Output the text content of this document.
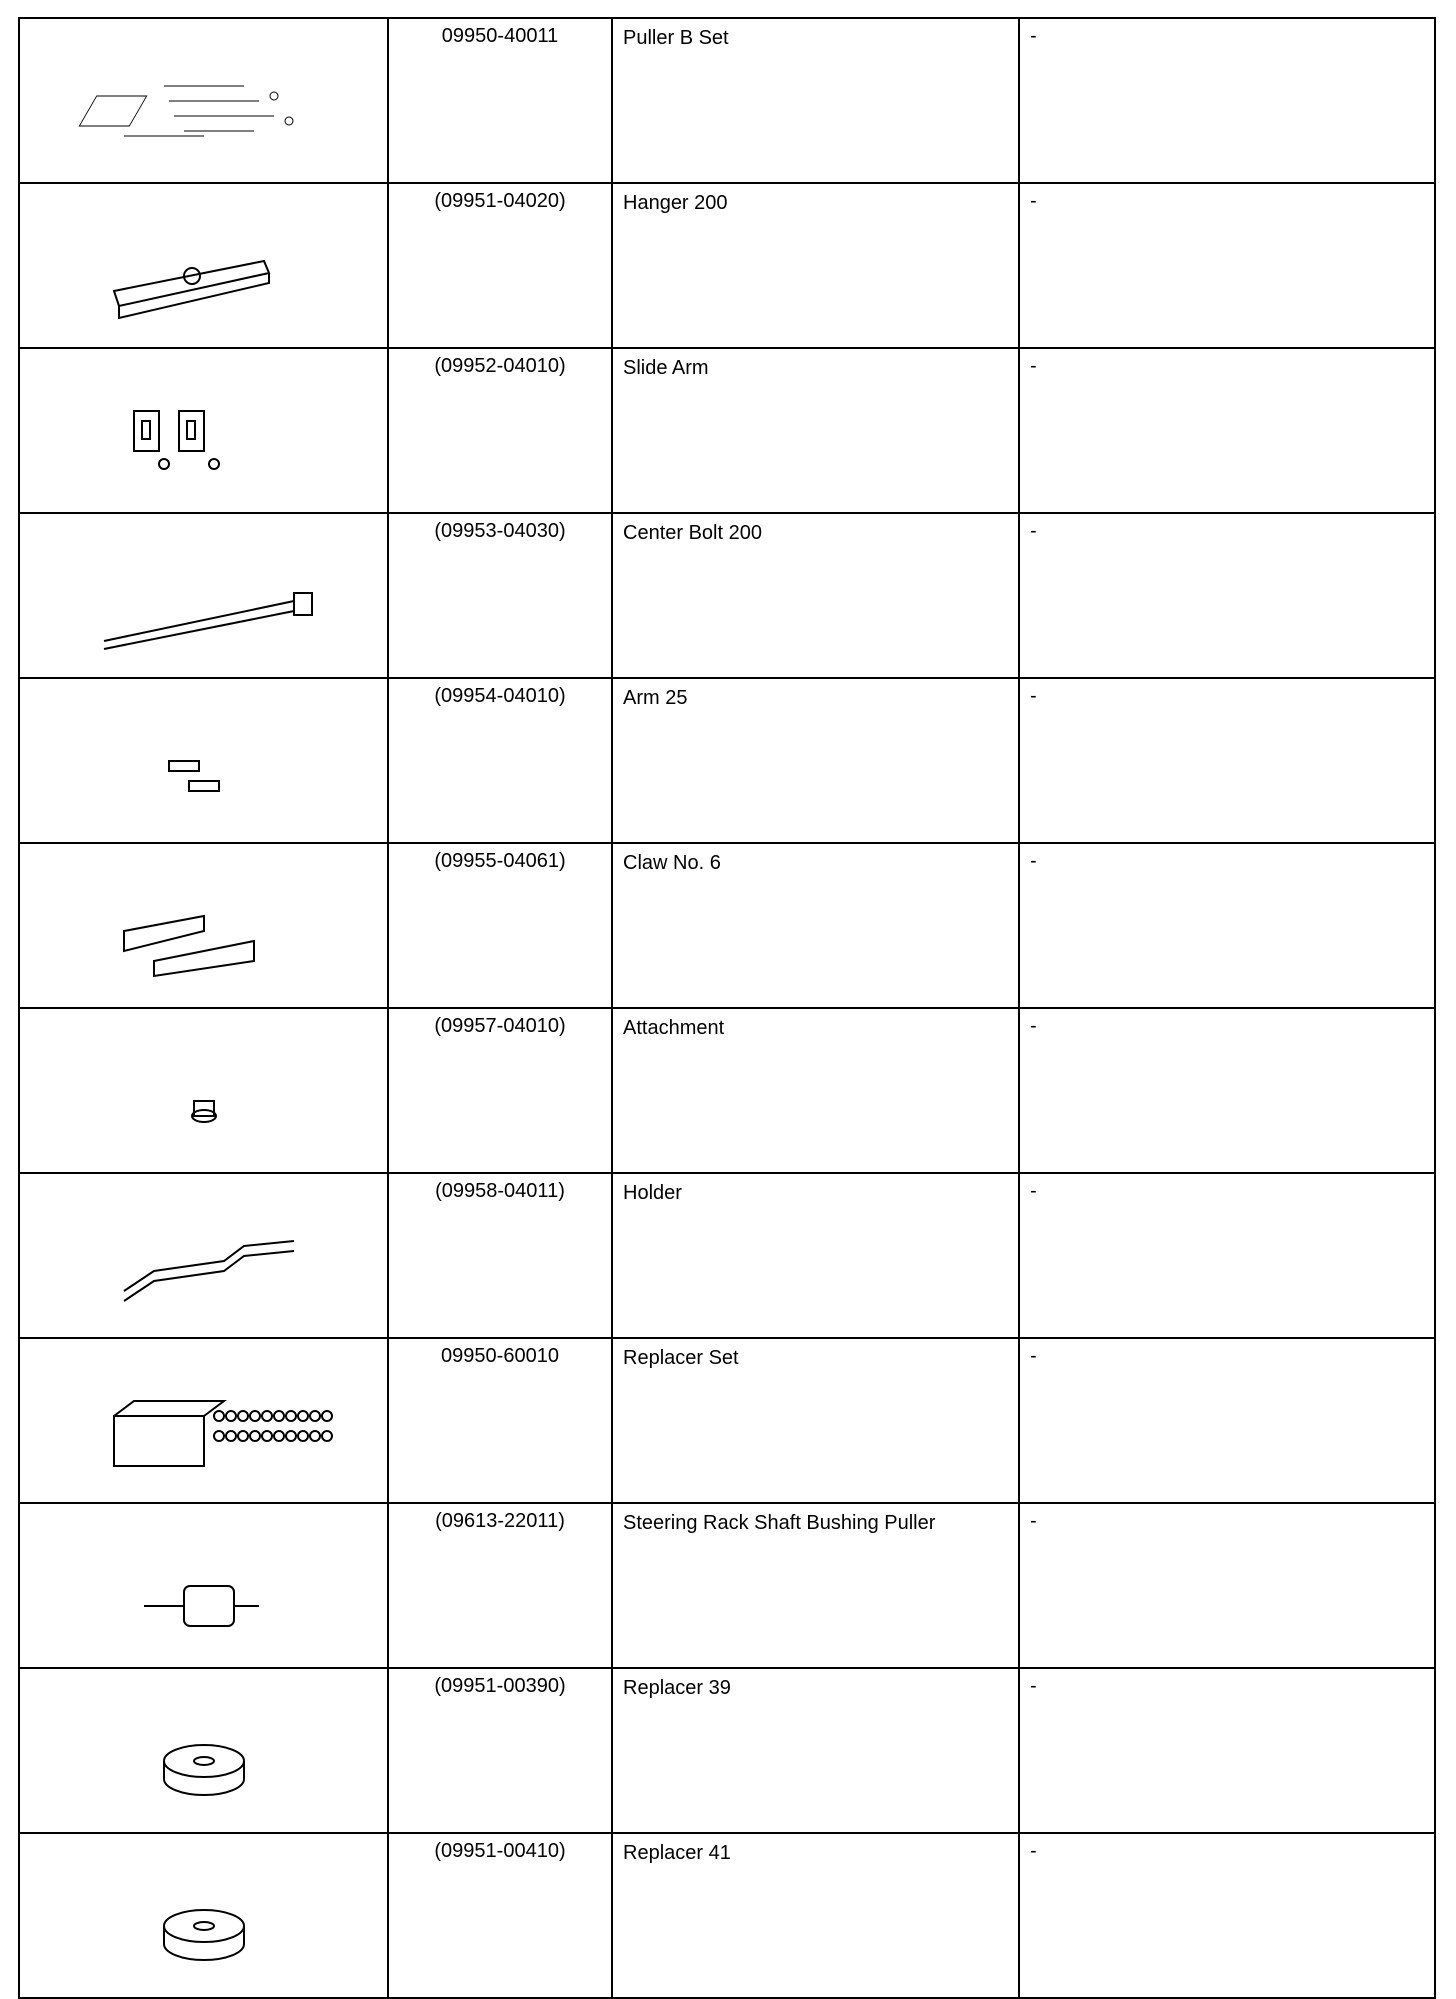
	09950-40011	Puller B Set	-

	(09951-04020)	Hanger 200	-

	(09952-04010)	Slide Arm	-

	(09953-04030)	Center Bolt 200	-

	(09954-04010)	Arm 25	-

	(09955-04061)	Claw No. 6	-

	(09957-04010)	Attachment	-

	(09958-04011)	Holder	-

	09950-60010	Replacer Set	-

	(09613-22011)	Steering Rack Shaft Bushing Puller	-

	(09951-00390)	Replacer 39	-

	(09951-00410)	Replacer 41	-
